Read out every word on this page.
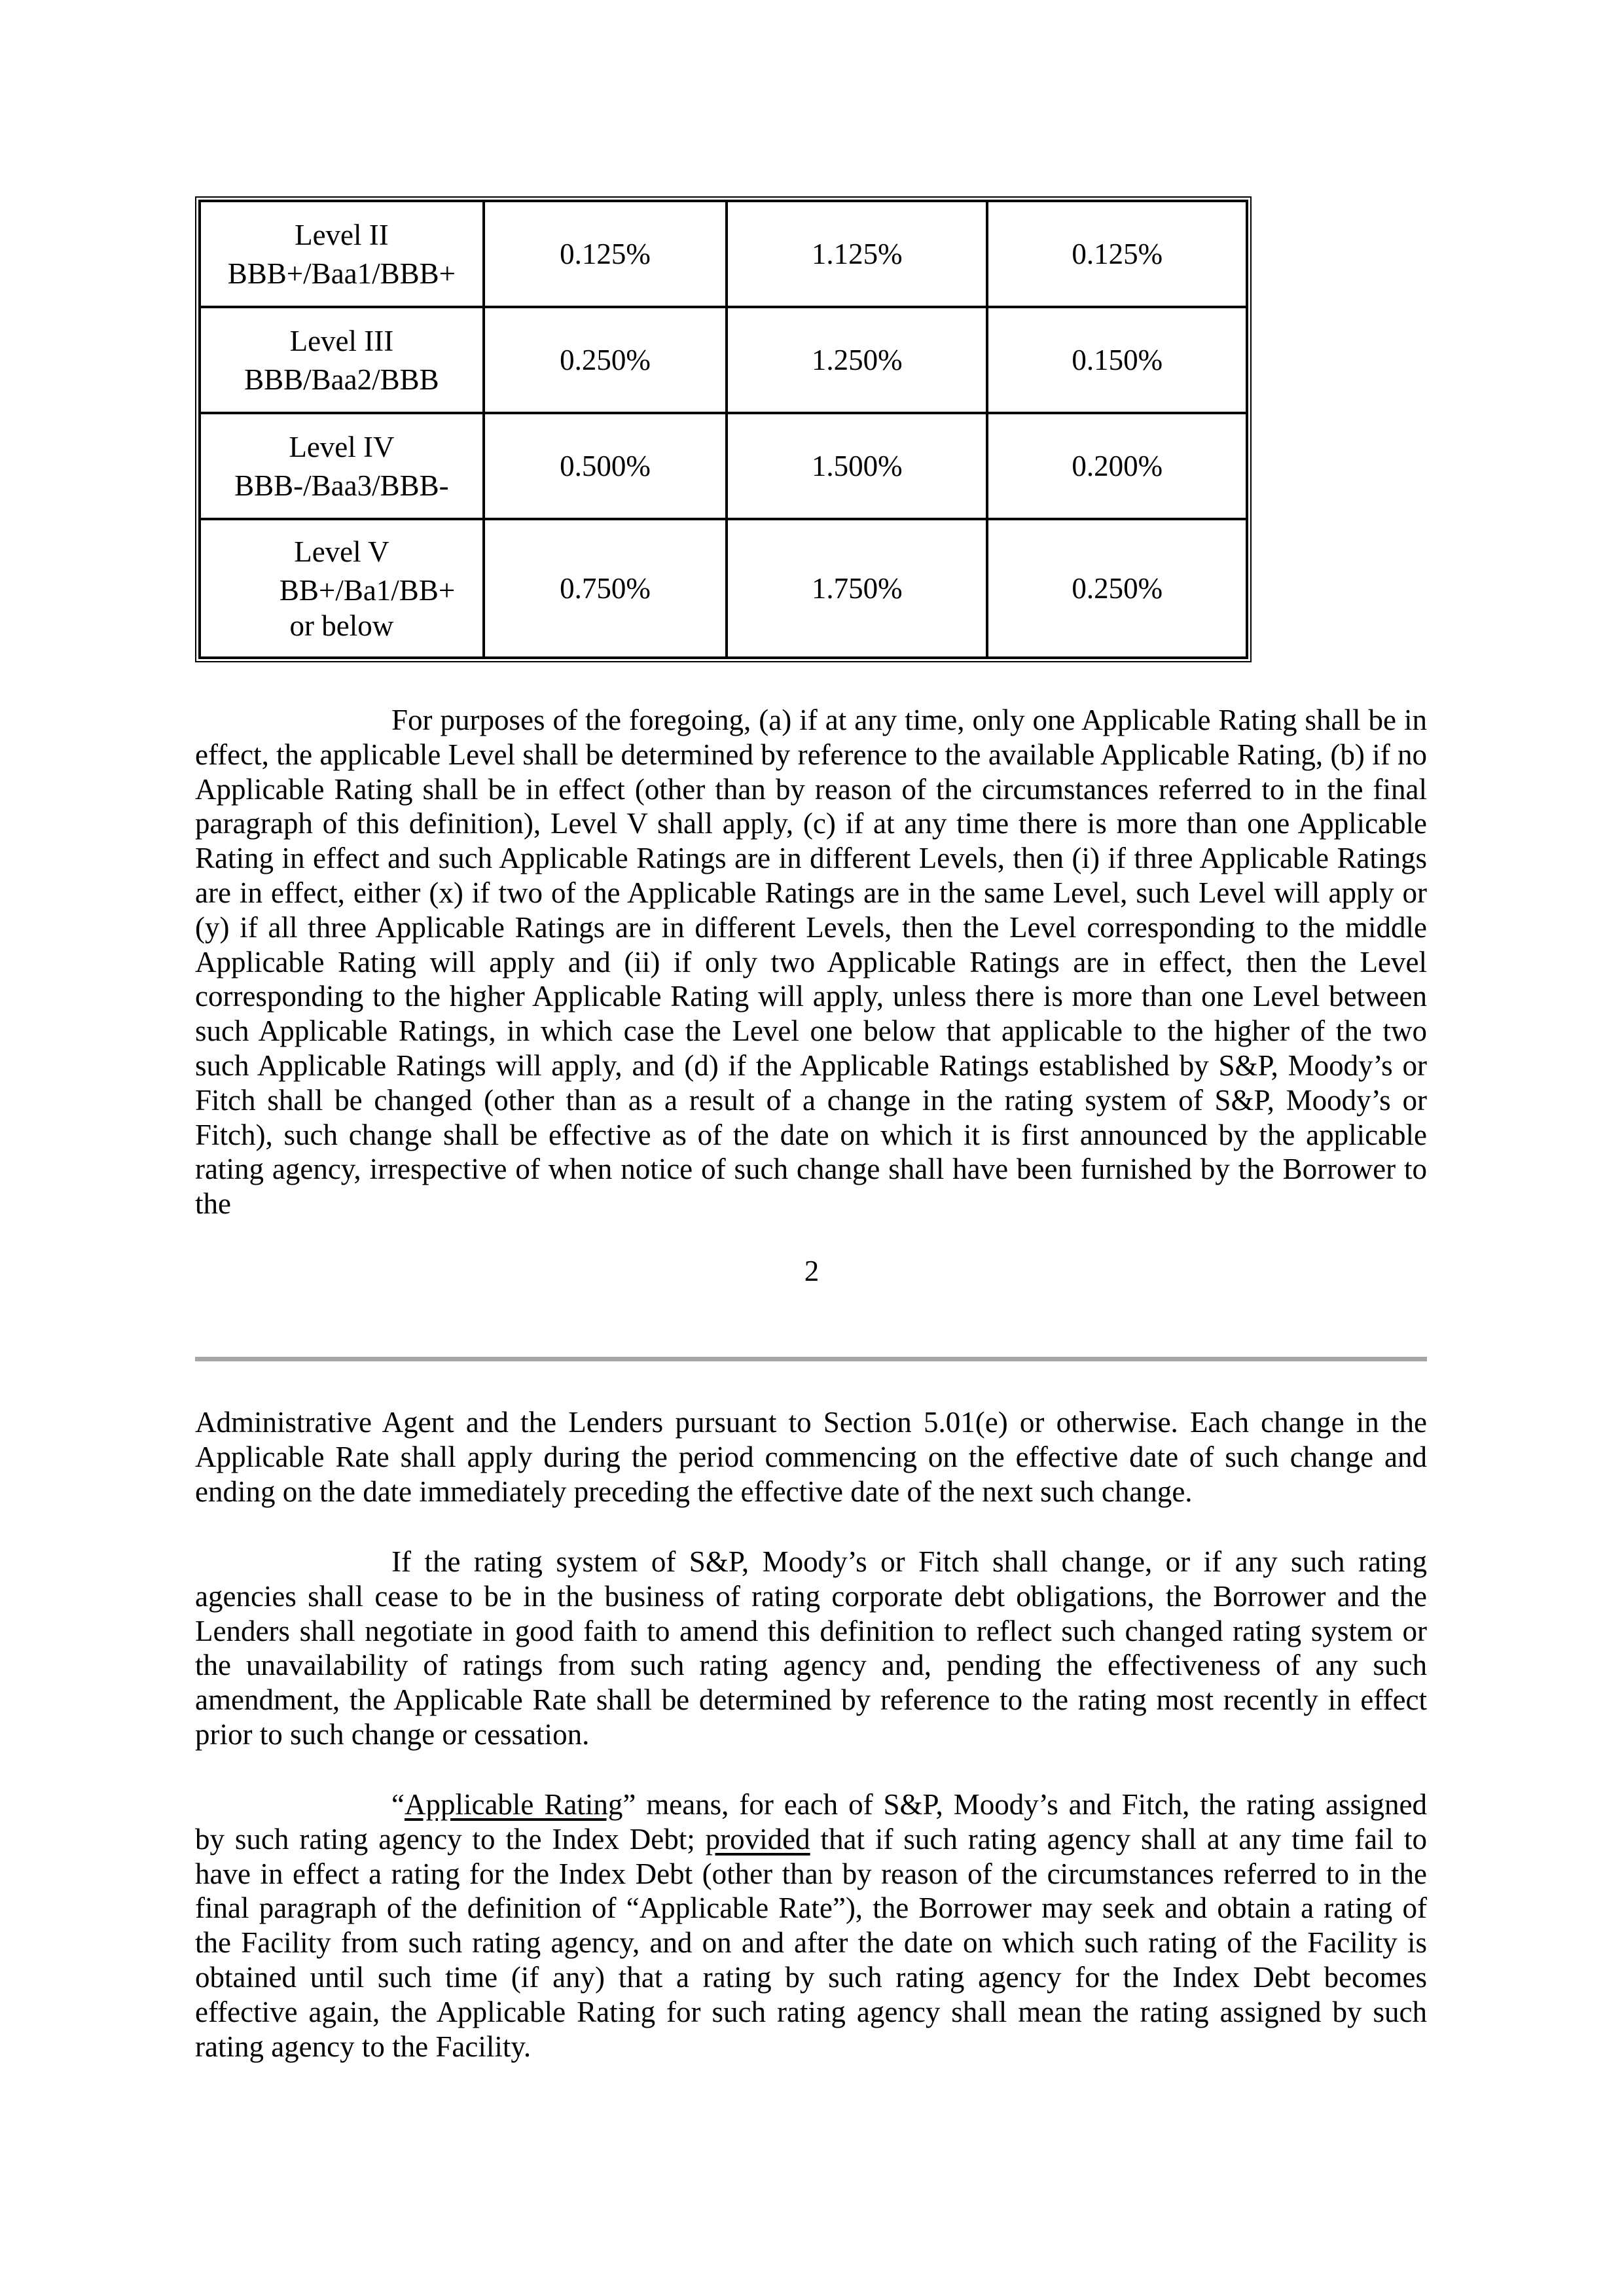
Level II
BBB+/Baa1/BBB+	0.125%	1.125%	0.125%

Level III
BBB/Baa2/BBB	0.250%	1.250%	0.150%

Level IV
BBB-/Baa3/BBB-	0.500%	1.500%	0.200%

Level V
BB+/Ba1/BB+ or below	0.750%	1.750%	0.250%

For purposes of the foregoing, (a) if at any time, only one Applicable Rating shall be in effect, the applicable Level shall be determined by reference to the available Applicable Rating, (b) if no Applicable Rating shall be in effect (other than by reason of the circumstances referred to in the final paragraph of this definition), Level V shall apply, (c) if at any time there is more than one Applicable Rating in effect and such Applicable Ratings are in different Levels, then (i) if three Applicable Ratings are in effect, either (x) if two of the Applicable Ratings are in the same Level, such Level will apply or (y) if all three Applicable Ratings are in different Levels, then the Level corresponding to the middle Applicable Rating will apply and (ii) if only two Applicable Ratings are in effect, then the Level corresponding to the higher Applicable Rating will apply, unless there is more than one Level between such Applicable Ratings, in which case the Level one below that applicable to the higher of the two such Applicable Ratings will apply, and (d) if the Applicable Ratings established by S&P, Moody’s or Fitch shall be changed (other than as a result of a change in the rating system of S&P, Moody’s or Fitch), such change shall be effective as of the date on which it is first announced by the applicable rating agency, irrespective of when notice of such change shall have been furnished by the Borrower to the

2

Administrative Agent and the Lenders pursuant to Section 5.01(e) or otherwise. Each change in the Applicable Rate shall apply during the period commencing on the effective date of such change and ending on the date immediately preceding the effective date of the next such change.

If the rating system of S&P, Moody’s or Fitch shall change, or if any such rating agencies shall cease to be in the business of rating corporate debt obligations, the Borrower and the Lenders shall negotiate in good faith to amend this definition to reflect such changed rating system or the unavailability of ratings from such rating agency and, pending the effectiveness of any such amendment, the Applicable Rate shall be determined by reference to the rating most recently in effect prior to such change or cessation.

“Applicable Rating” means, for each of S&P, Moody’s and Fitch, the rating assigned by such rating agency to the Index Debt; provided that if such rating agency shall at any time fail to have in effect a rating for the Index Debt (other than by reason of the circumstances referred to in the final paragraph of the definition of “Applicable Rate”), the Borrower may seek and obtain a rating of the Facility from such rating agency, and on and after the date on which such rating of the Facility is obtained until such time (if any) that a rating by such rating agency for the Index Debt becomes effective again, the Applicable Rating for such rating agency shall mean the rating assigned by such rating agency to the Facility.
